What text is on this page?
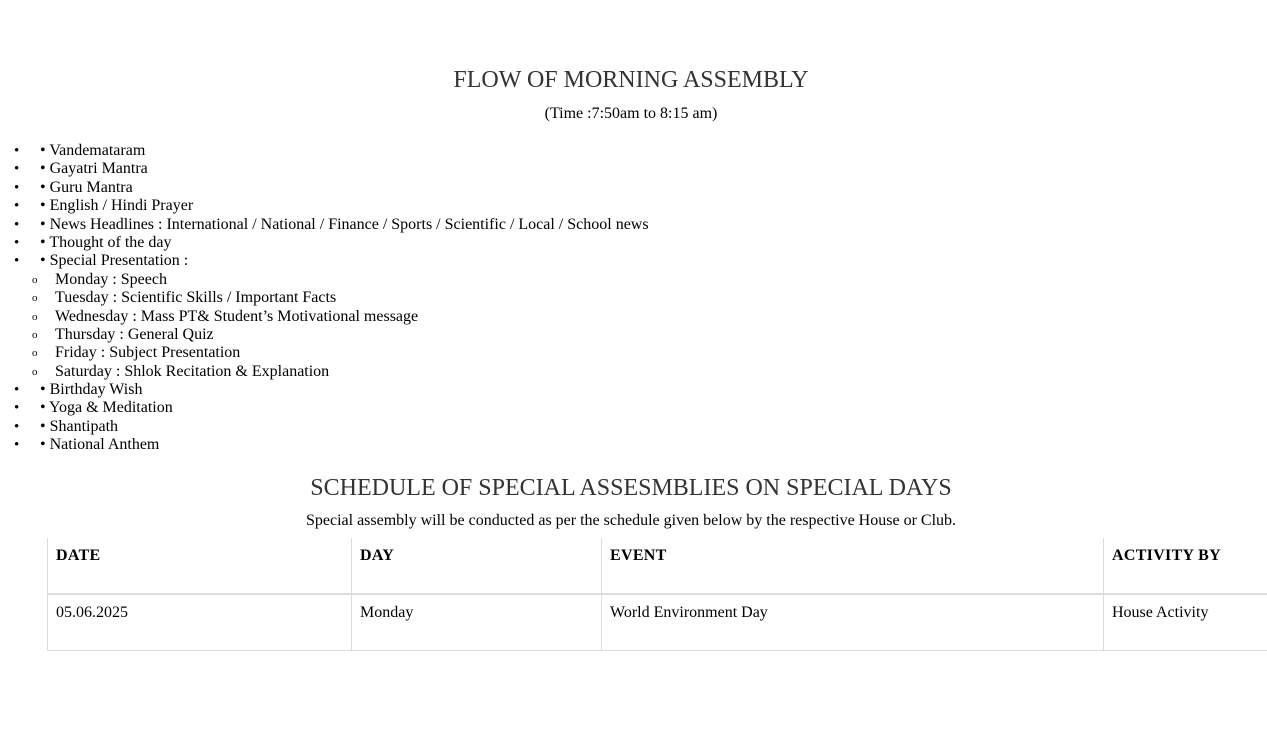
FLOW OF MORNING ASSEMBLY
(Time :7:50am to 8:15 am)
• • Vandemataram
• • Gayatri Mantra
• • Guru Mantra
• • English / Hindi Prayer
• • News Headlines : International / National / Finance / Sports / Scientific / Local / School news
• • Thought of the day
• • Special Presentation :
o Monday : Speech
o Tuesday : Scientific Skills / Important Facts
o Wednesday : Mass PT& Student’s Motivational message
o Thursday : General Quiz
o Friday : Subject Presentation
o Saturday : Shlok Recitation & Explanation
• • Birthday Wish
• • Yoga & Meditation
• • Shantipath
• • National Anthem
SCHEDULE OF SPECIAL ASSESMBLIES ON SPECIAL DAYS
Special assembly will be conducted as per the schedule given below by the respective House or Club.
DATE	DAY	EVENT	ACTIVITY BY
05.06.2025	Monday	World Environment Day	House Activity
